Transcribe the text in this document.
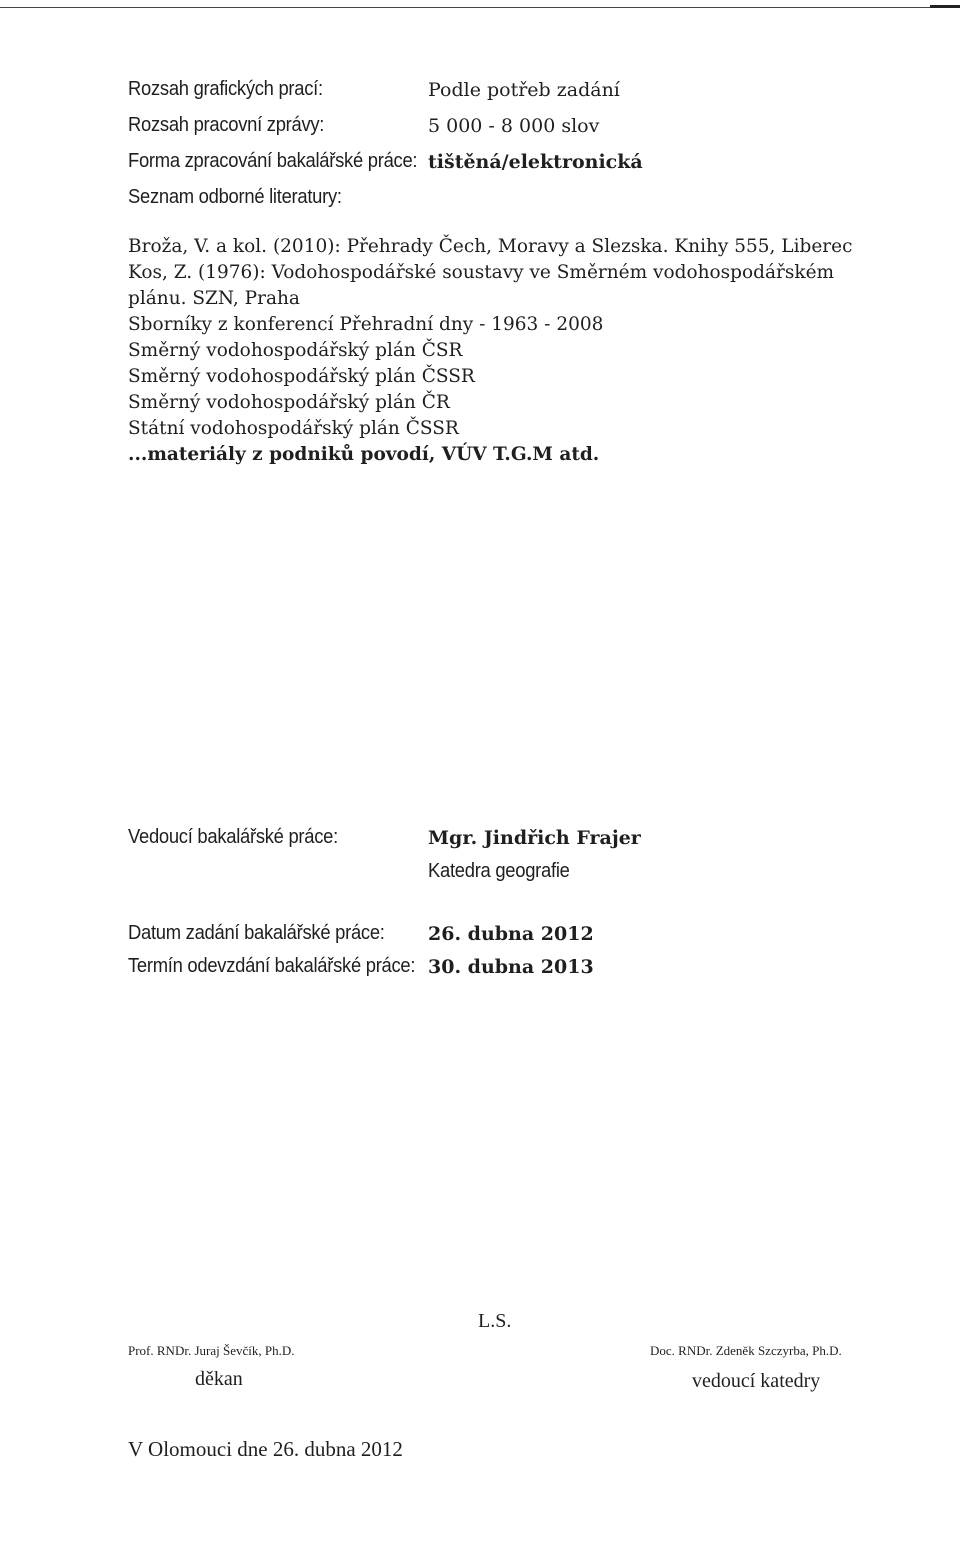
Rozsah grafických prací:	Podle potřeb zadání
Rozsah pracovní zprávy:	5 000 - 8 000 slov
Forma zpracování bakalářské práce: tištěná/elektronická
Seznam odborné literatury:
Broža, V. a kol. (2010): Přehrady Čech, Moravy a Slezska. Knihy 555, Liberec
Kos, Z. (1976): Vodohospodářské soustavy ve Směrném vodohospodářském
plánu. SZN, Praha
Sborníky z konferencí Přehradní dny - 1963 - 2008
Směrný vodohospodářský plán ČSR
Směrný vodohospodářský plán ČSSR
Směrný vodohospodářský plán ČR
Státní vodohospodářský plán ČSSR
...materiály z podniků povodí, VÚV T.G.M atd.
Vedoucí bakalářské práce:	Mgr. Jindřich Frajer
Katedra geografie
Datum zadání bakalářské práce: 26. dubna 2012
Termín odevzdání bakalářské práce: 30. dubna 2013
L.S.
Prof. RNDr. Juraj Ševčík, Ph.D.
děkan
Doc. RNDr. Zdeněk Szczyrba, Ph.D.
vedoucí katedry
V Olomouci dne 26. dubna 2012
